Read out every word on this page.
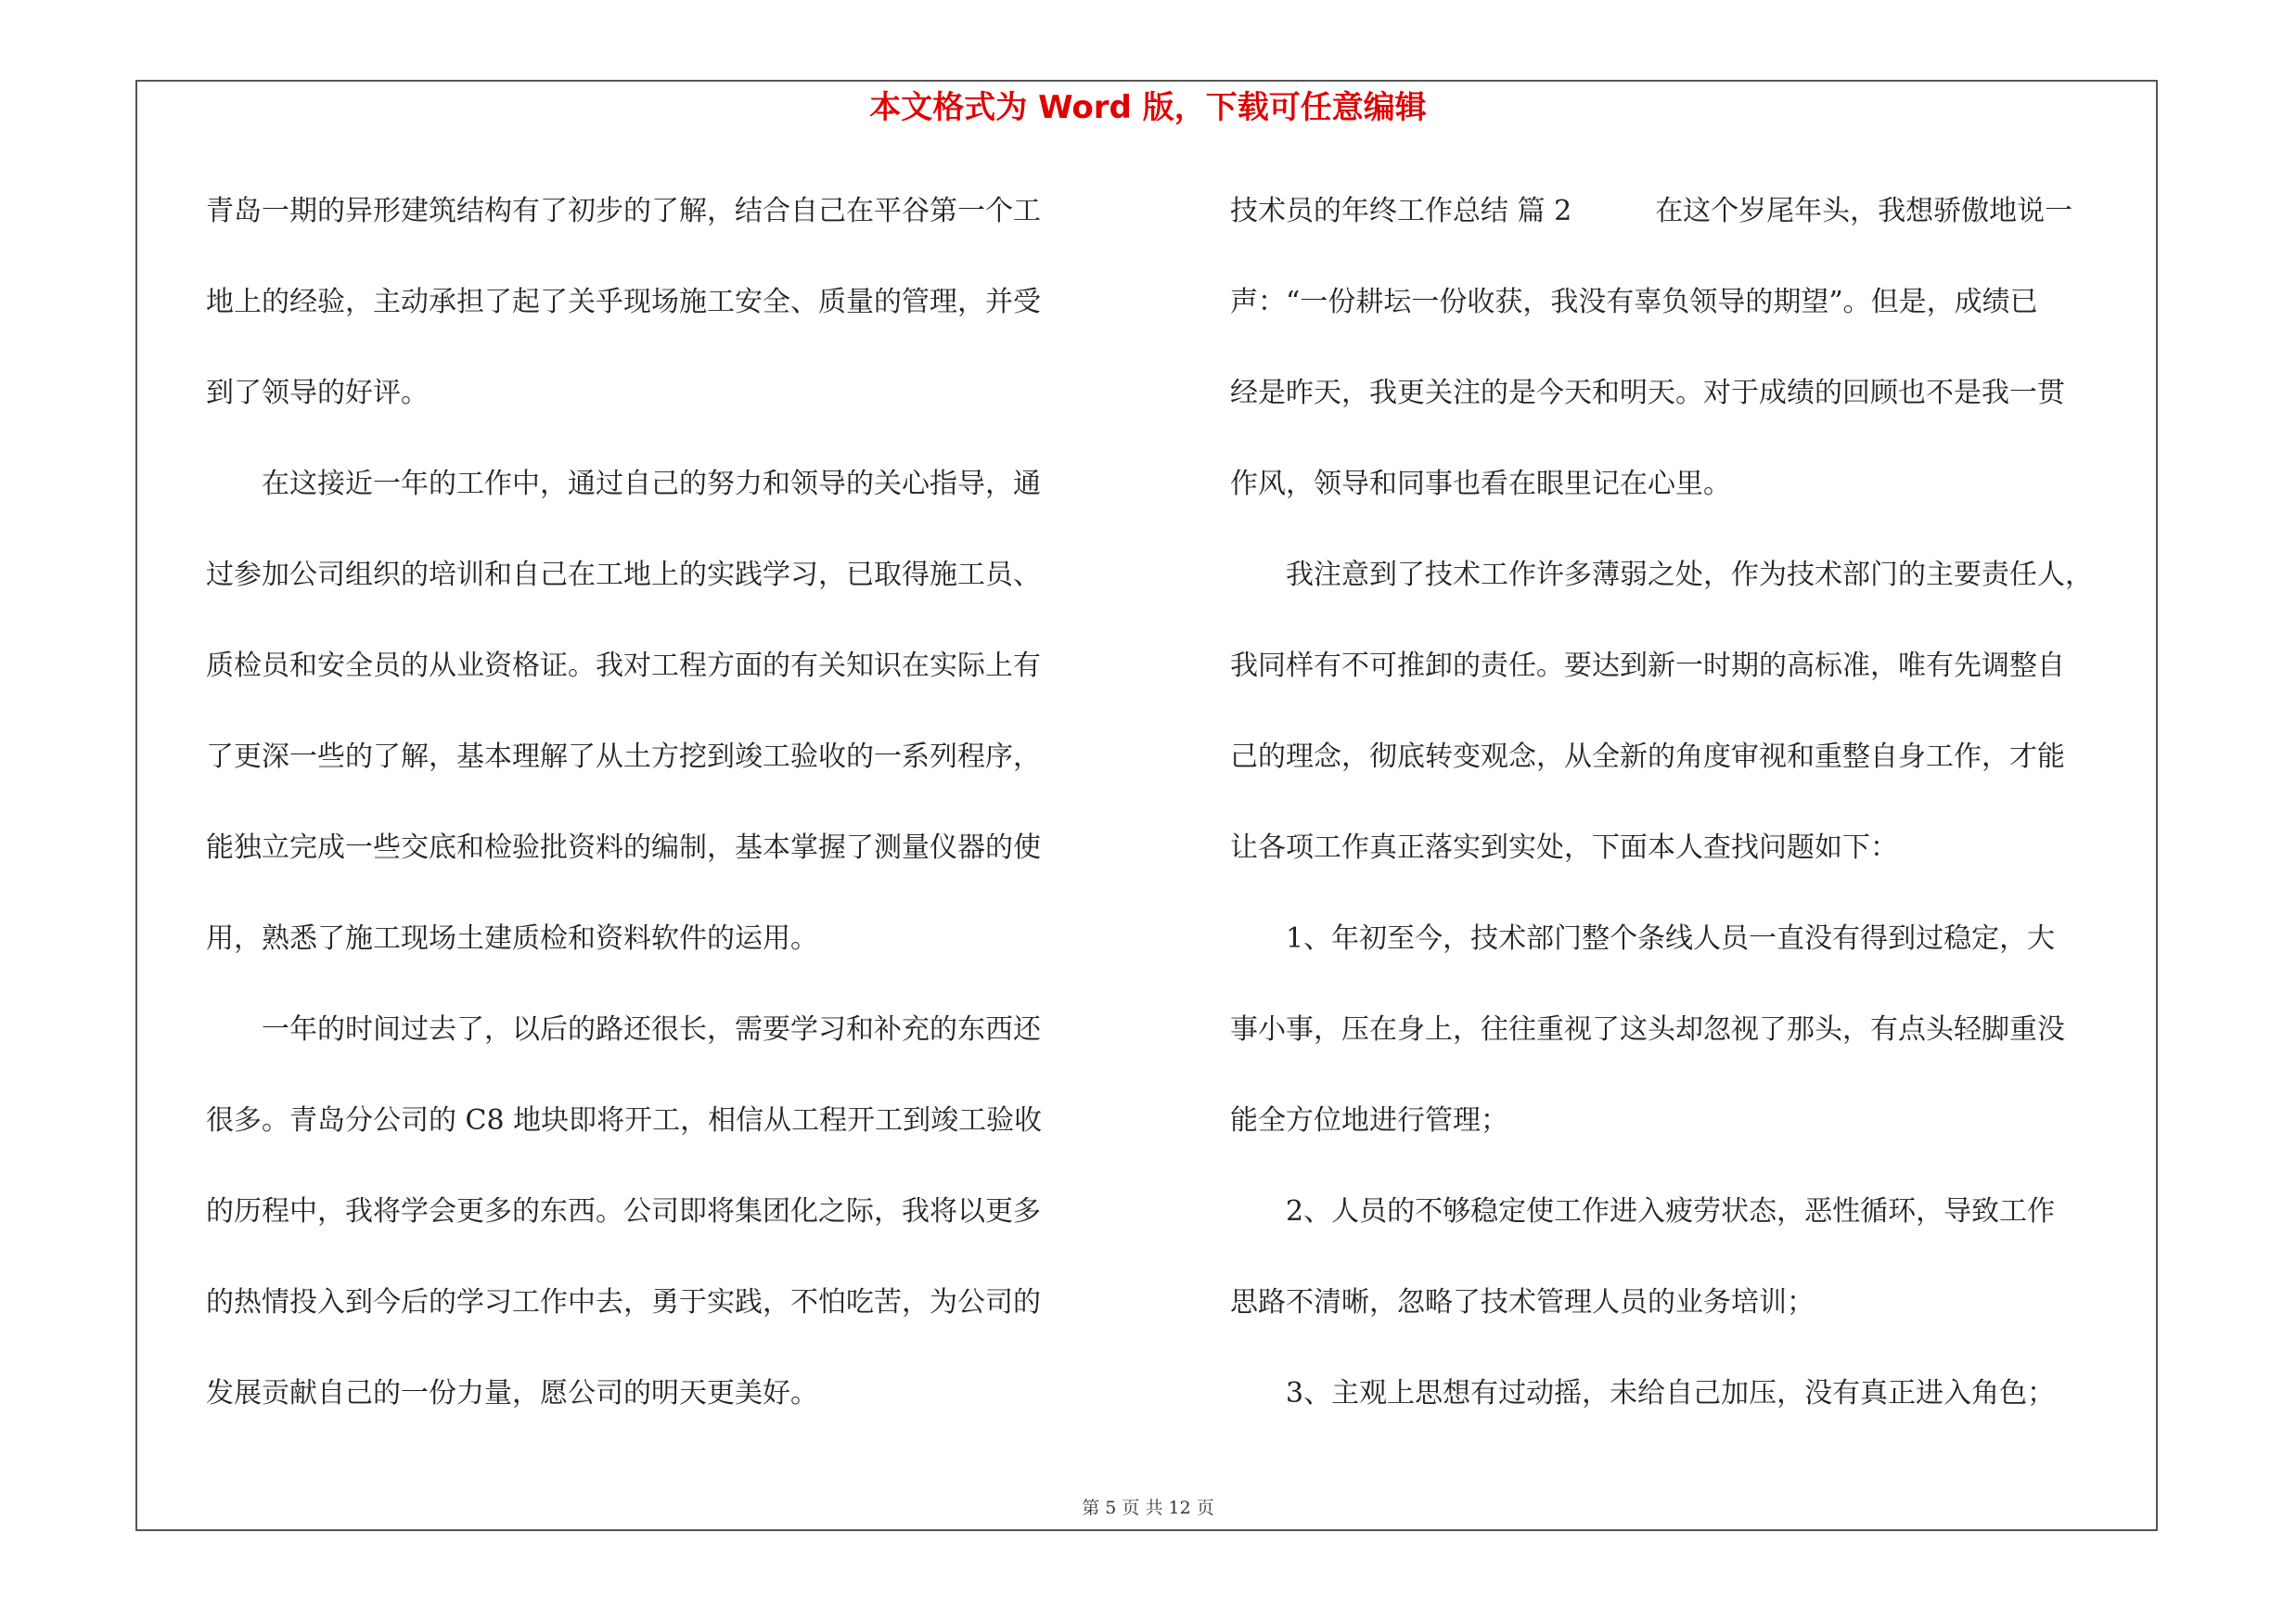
本文格式为 Word 版，下载可任意编辑
青岛一期的异形建筑结构有了初步的了解，结合自己在平谷第一个工
地上的经验，主动承担了起了关乎现场施工安全、质量的管理，并受
到了领导的好评。
　　在这接近一年的工作中，通过自己的努力和领导的关心指导，通
过参加公司组织的培训和自己在工地上的实践学习，已取得施工员、
质检员和安全员的从业资格证。我对工程方面的有关知识在实际上有
了更深一些的了解，基本理解了从土方挖到竣工验收的一系列程序，
能独立完成一些交底和检验批资料的编制，基本掌握了测量仪器的使
用，熟悉了施工现场土建质检和资料软件的运用。
　　一年的时间过去了，以后的路还很长，需要学习和补充的东西还
很多。青岛分公司的 C8 地块即将开工，相信从工程开工到竣工验收
的历程中，我将学会更多的东西。公司即将集团化之际，我将以更多
的热情投入到今后的学习工作中去，勇于实践，不怕吃苦，为公司的
发展贡献自己的一份力量，愿公司的明天更美好。
技术员的年终工作总结 篇 2　　　在这个岁尾年头，我想骄傲地说一
声：“一份耕坛一份收获，我没有辜负领导的期望”。但是，成绩已
经是昨天，我更关注的是今天和明天。对于成绩的回顾也不是我一贯
作风，领导和同事也看在眼里记在心里。
　　我注意到了技术工作许多薄弱之处，作为技术部门的主要责任人，
我同样有不可推卸的责任。要达到新一时期的高标准，唯有先调整自
己的理念，彻底转变观念，从全新的角度审视和重整自身工作，才能
让各项工作真正落实到实处，下面本人查找问题如下：
　　1、年初至今，技术部门整个条线人员一直没有得到过稳定，大
事小事，压在身上，往往重视了这头却忽视了那头，有点头轻脚重没
能全方位地进行管理；
　　2、人员的不够稳定使工作进入疲劳状态，恶性循环，导致工作
思路不清晰，忽略了技术管理人员的业务培训；
　　3、主观上思想有过动摇，未给自己加压，没有真正进入角色；
第 5 页 共 12 页
